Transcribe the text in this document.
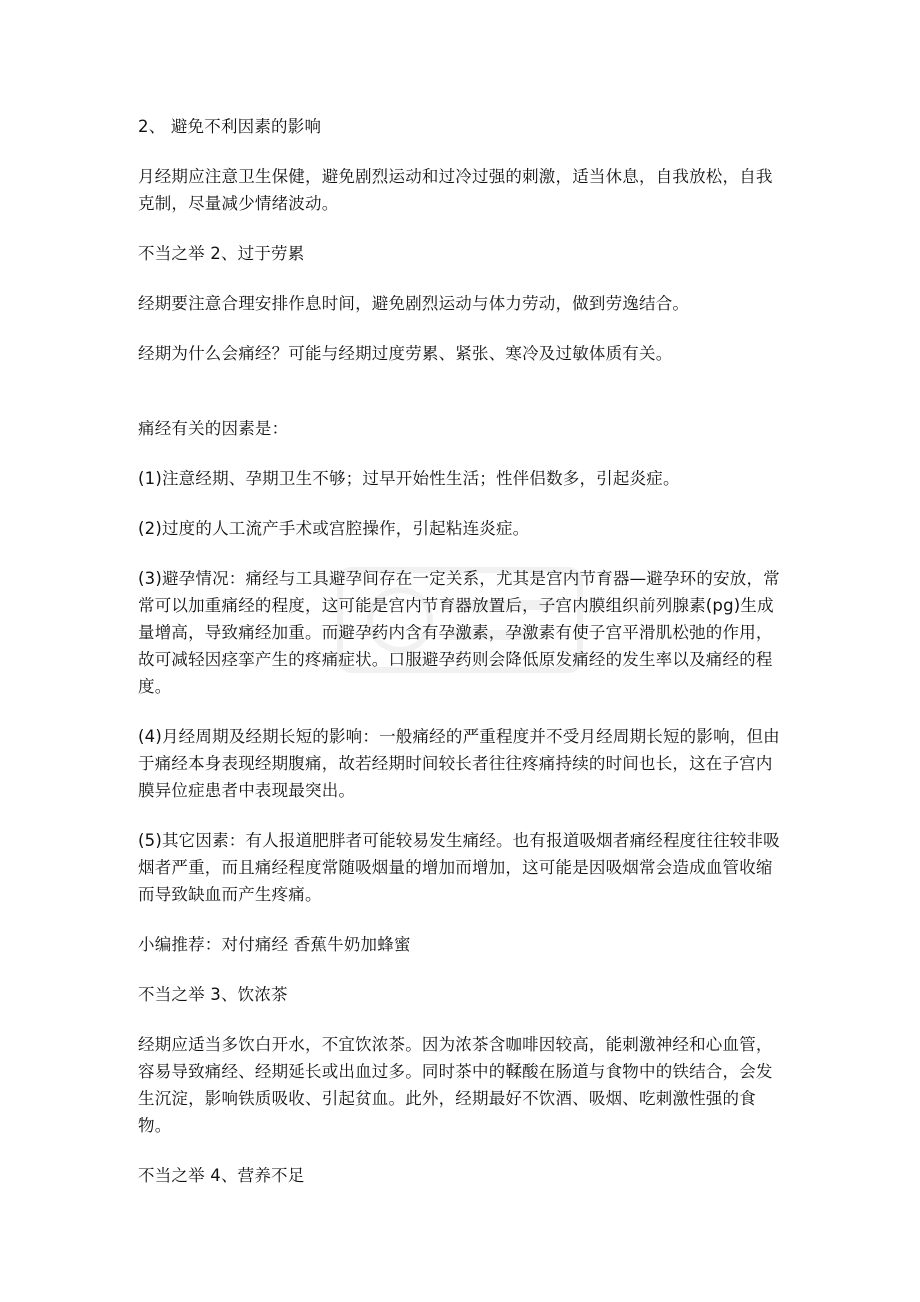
2、 避免不利因素的影响

月经期应注意卫生保健，避免剧烈运动和过冷过强的刺激，适当休息，自我放松，自我克制，尽量减少情绪波动。

不当之举 2、过于劳累

经期要注意合理安排作息时间，避免剧烈运动与体力劳动，做到劳逸结合。

经期为什么会痛经？可能与经期过度劳累、紧张、寒冷及过敏体质有关。

痛经有关的因素是：

(1)注意经期、孕期卫生不够；过早开始性生活；性伴侣数多，引起炎症。

(2)过度的人工流产手术或宫腔操作，引起粘连炎症。

(3)避孕情况：痛经与工具避孕间存在一定关系，尤其是宫内节育器—避孕环的安放，常常可以加重痛经的程度，这可能是宫内节育器放置后，子宫内膜组织前列腺素(pg)生成量增高，导致痛经加重。而避孕药内含有孕激素，孕激素有使子宫平滑肌松弛的作用，故可减轻因痉挛产生的疼痛症状。口服避孕药则会降低原发痛经的发生率以及痛经的程度。

(4)月经周期及经期长短的影响：一般痛经的严重程度并不受月经周期长短的影响，但由于痛经本身表现经期腹痛，故若经期时间较长者往往疼痛持续的时间也长，这在子宫内膜异位症患者中表现最突出。

(5)其它因素：有人报道肥胖者可能较易发生痛经。也有报道吸烟者痛经程度往往较非吸烟者严重，而且痛经程度常随吸烟量的增加而增加，这可能是因吸烟常会造成血管收缩而导致缺血而产生疼痛。

小编推荐：对付痛经 香蕉牛奶加蜂蜜

不当之举 3、饮浓茶

经期应适当多饮白开水，不宜饮浓茶。因为浓茶含咖啡因较高，能刺激神经和心血管，容易导致痛经、经期延长或出血过多。同时茶中的鞣酸在肠道与食物中的铁结合，会发生沉淀，影响铁质吸收、引起贫血。此外，经期最好不饮酒、吸烟、吃刺激性强的食物。

不当之举 4、营养不足
